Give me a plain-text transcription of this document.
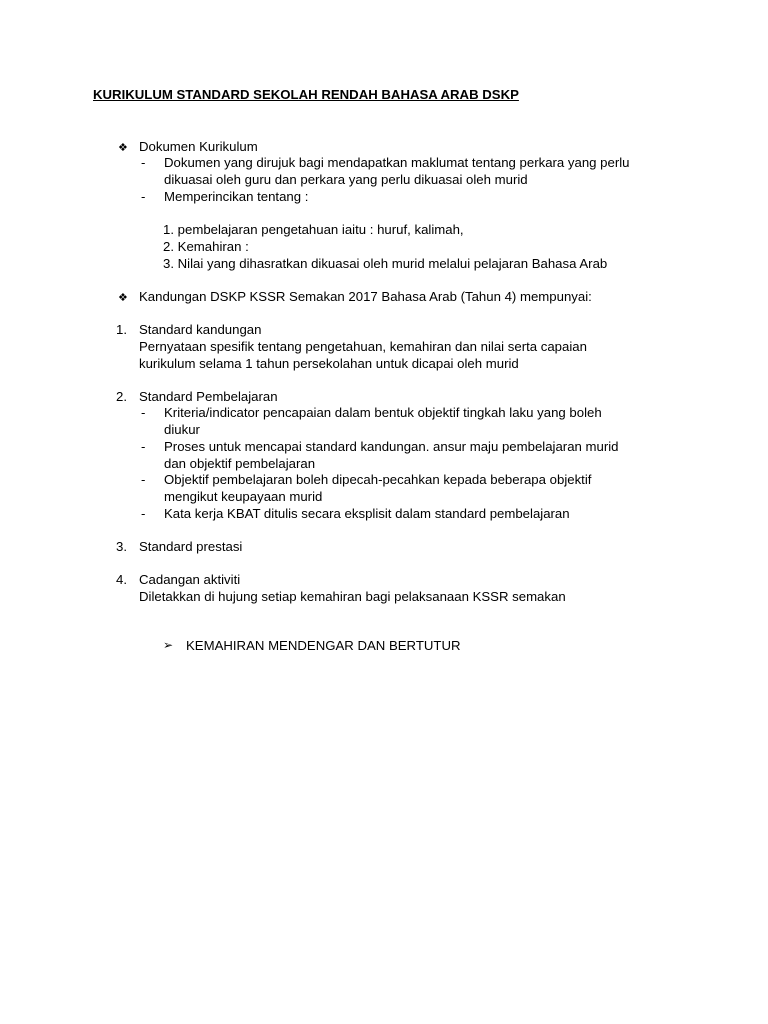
KURIKULUM STANDARD SEKOLAH RENDAH BAHASA ARAB DSKP
❖ Dokumen Kurikulum
- Dokumen yang dirujuk bagi mendapatkan maklumat tentang perkara yang perlu
dikuasai oleh guru dan perkara yang perlu dikuasai oleh murid
- Memperincikan tentang :
1. pembelajaran pengetahuan iaitu : huruf, kalimah,
2. Kemahiran :
3. Nilai yang dihasratkan dikuasai oleh murid melalui pelajaran Bahasa Arab
❖ Kandungan DSKP KSSR Semakan 2017 Bahasa Arab (Tahun 4) mempunyai:
1. Standard kandungan
Pernyataan spesifik tentang pengetahuan, kemahiran dan nilai serta capaian
kurikulum selama 1 tahun persekolahan untuk dicapai oleh murid
2. Standard Pembelajaran
- Kriteria/indicator pencapaian dalam bentuk objektif tingkah laku yang boleh
diukur
- Proses untuk mencapai standard kandungan. ansur maju pembelajaran murid
dan objektif pembelajaran
- Objektif pembelajaran boleh dipecah-pecahkan kepada beberapa objektif
mengikut keupayaan murid
- Kata kerja KBAT ditulis secara eksplisit dalam standard pembelajaran
3. Standard prestasi
4. Cadangan aktiviti
Diletakkan di hujung setiap kemahiran bagi pelaksanaan KSSR semakan
➢ KEMAHIRAN MENDENGAR DAN BERTUTUR
